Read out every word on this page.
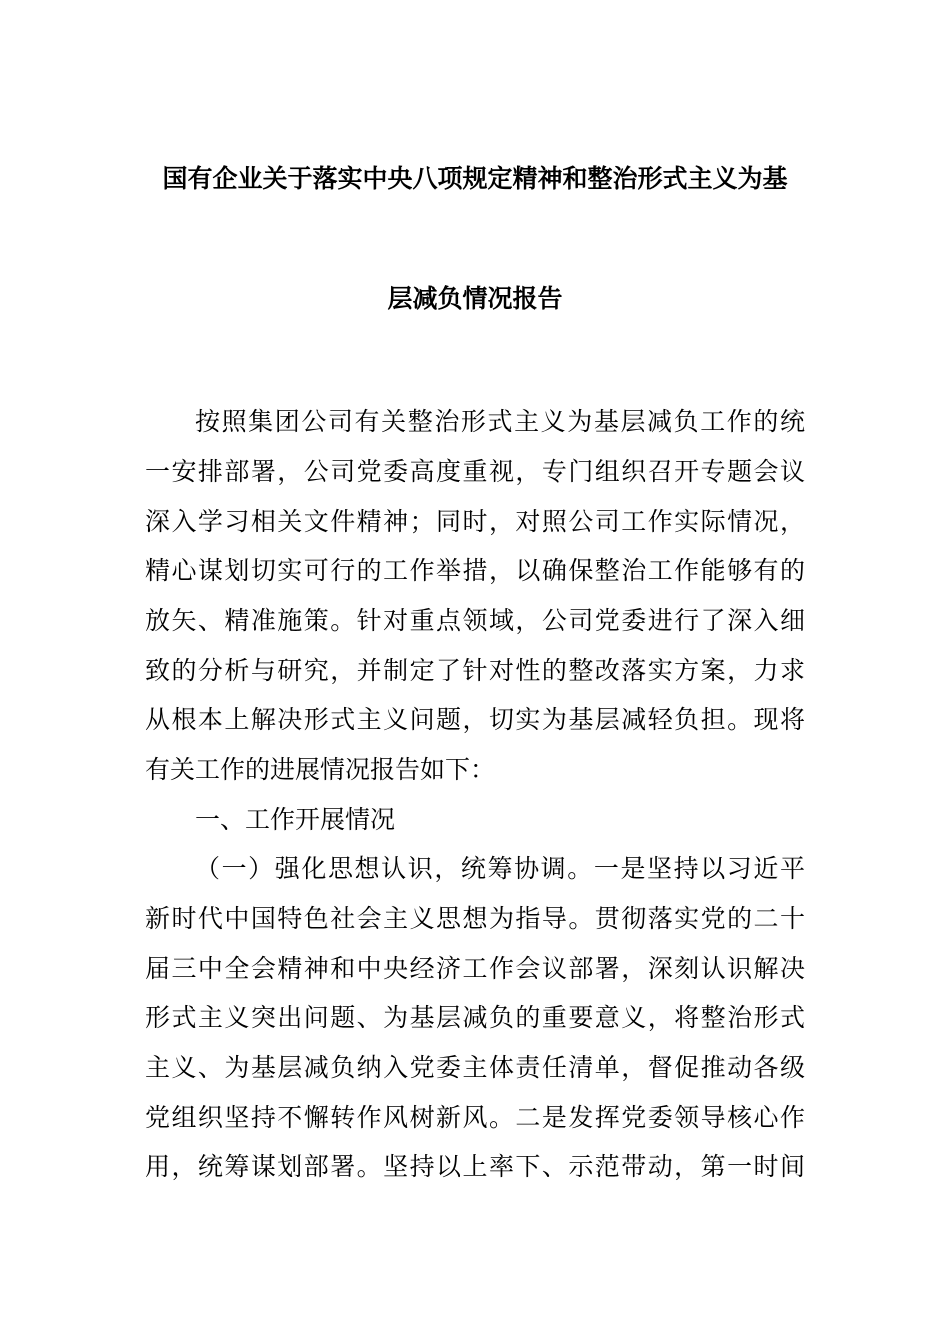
国有企业关于落实中央八项规定精神和整治形式主义为基
层减负情况报告
按照集团公司有关整治形式主义为基层减负工作的统
一安排部署，公司党委高度重视，专门组织召开专题会议
深入学习相关文件精神；同时，对照公司工作实际情况，
精心谋划切实可行的工作举措，以确保整治工作能够有的
放矢、精准施策。针对重点领域，公司党委进行了深入细
致的分析与研究，并制定了针对性的整改落实方案，力求
从根本上解决形式主义问题，切实为基层减轻负担。现将
有关工作的进展情况报告如下：
一、工作开展情况
（一）强化思想认识，统筹协调。一是坚持以习近平
新时代中国特色社会主义思想为指导。贯彻落实党的二十
届三中全会精神和中央经济工作会议部署，深刻认识解决
形式主义突出问题、为基层减负的重要意义，将整治形式
主义、为基层减负纳入党委主体责任清单，督促推动各级
党组织坚持不懈转作风树新风。二是发挥党委领导核心作
用，统筹谋划部署。坚持以上率下、示范带动，第一时间
